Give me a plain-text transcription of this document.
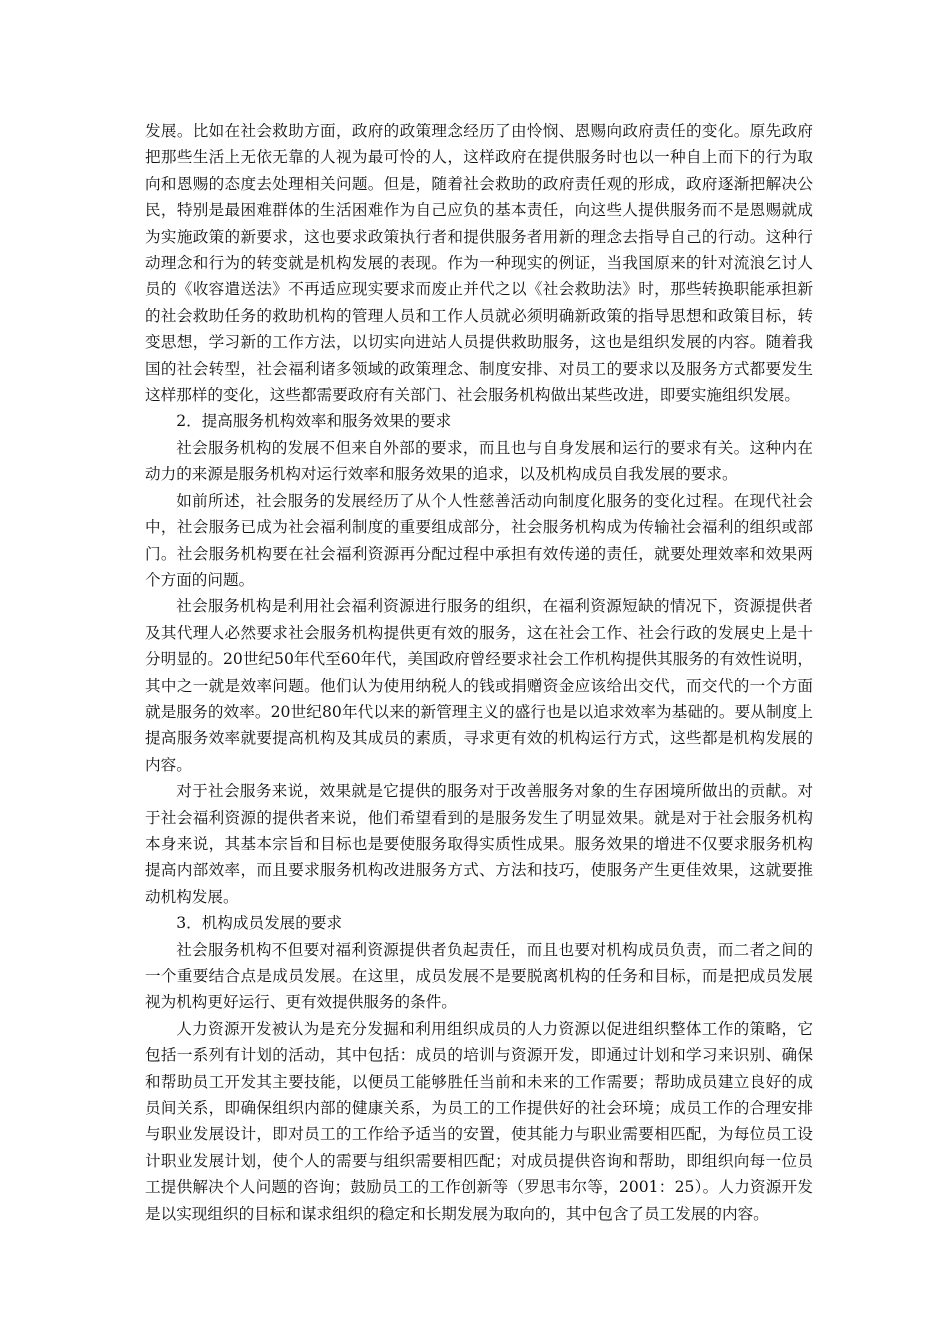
发展。比如在社会救助方面，政府的政策理念经历了由怜悯、恩赐向政府责任的变化。原先政府把那些生活上无依无靠的人视为最可怜的人，这样政府在提供服务时也以一种自上而下的行为取向和恩赐的态度去处理相关问题。但是，随着社会救助的政府责任观的形成，政府逐渐把解决公民，特别是最困难群体的生活困难作为自己应负的基本责任，向这些人提供服务而不是恩赐就成为实施政策的新要求，这也要求政策执行者和提供服务者用新的理念去指导自己的行动。这种行动理念和行为的转变就是机构发展的表现。作为一种现实的例证，当我国原来的针对流浪乞讨人员的《收容遣送法》不再适应现实要求而废止并代之以《社会救助法》时，那些转换职能承担新的社会救助任务的救助机构的管理人员和工作人员就必须明确新政策的指导思想和政策目标，转变思想，学习新的工作方法，以切实向进站人员提供救助服务，这也是组织发展的内容。随着我国的社会转型，社会福利诸多领域的政策理念、制度安排、对员工的要求以及服务方式都要发生这样那样的变化，这些都需要政府有关部门、社会服务机构做出某些改进，即要实施组织发展。

2．提高服务机构效率和服务效果的要求

社会服务机构的发展不但来自外部的要求，而且也与自身发展和运行的要求有关。这种内在动力的来源是服务机构对运行效率和服务效果的追求，以及机构成员自我发展的要求。

如前所述，社会服务的发展经历了从个人性慈善活动向制度化服务的变化过程。在现代社会中，社会服务已成为社会福利制度的重要组成部分，社会服务机构成为传输社会福利的组织或部门。社会服务机构要在社会福利资源再分配过程中承担有效传递的责任，就要处理效率和效果两个方面的问题。

社会服务机构是利用社会福利资源进行服务的组织，在福利资源短缺的情况下，资源提供者及其代理人必然要求社会服务机构提供更有效的服务，这在社会工作、社会行政的发展史上是十分明显的。20世纪50年代至60年代，美国政府曾经要求社会工作机构提供其服务的有效性说明，其中之一就是效率问题。他们认为使用纳税人的钱或捐赠资金应该给出交代，而交代的一个方面就是服务的效率。20世纪80年代以来的新管理主义的盛行也是以追求效率为基础的。要从制度上提高服务效率就要提高机构及其成员的素质，寻求更有效的机构运行方式，这些都是机构发展的内容。

对于社会服务来说，效果就是它提供的服务对于改善服务对象的生存困境所做出的贡献。对于社会福利资源的提供者来说，他们希望看到的是服务发生了明显效果。就是对于社会服务机构本身来说，其基本宗旨和目标也是要使服务取得实质性成果。服务效果的增进不仅要求服务机构提高内部效率，而且要求服务机构改进服务方式、方法和技巧，使服务产生更佳效果，这就要推动机构发展。

3．机构成员发展的要求

社会服务机构不但要对福利资源提供者负起责任，而且也要对机构成员负责，而二者之间的一个重要结合点是成员发展。在这里，成员发展不是要脱离机构的任务和目标，而是把成员发展视为机构更好运行、更有效提供服务的条件。

人力资源开发被认为是充分发掘和利用组织成员的人力资源以促进组织整体工作的策略，它包括一系列有计划的活动，其中包括：成员的培训与资源开发，即通过计划和学习来识别、确保和帮助员工开发其主要技能，以便员工能够胜任当前和未来的工作需要；帮助成员建立良好的成员间关系，即确保组织内部的健康关系，为员工的工作提供好的社会环境；成员工作的合理安排与职业发展设计，即对员工的工作给予适当的安置，使其能力与职业需要相匹配，为每位员工设计职业发展计划，使个人的需要与组织需要相匹配；对成员提供咨询和帮助，即组织向每一位员工提供解决个人问题的咨询；鼓励员工的工作创新等（罗思韦尔等，2001：25）。人力资源开发是以实现组织的目标和谋求组织的稳定和长期发展为取向的，其中包含了员工发展的内容。
